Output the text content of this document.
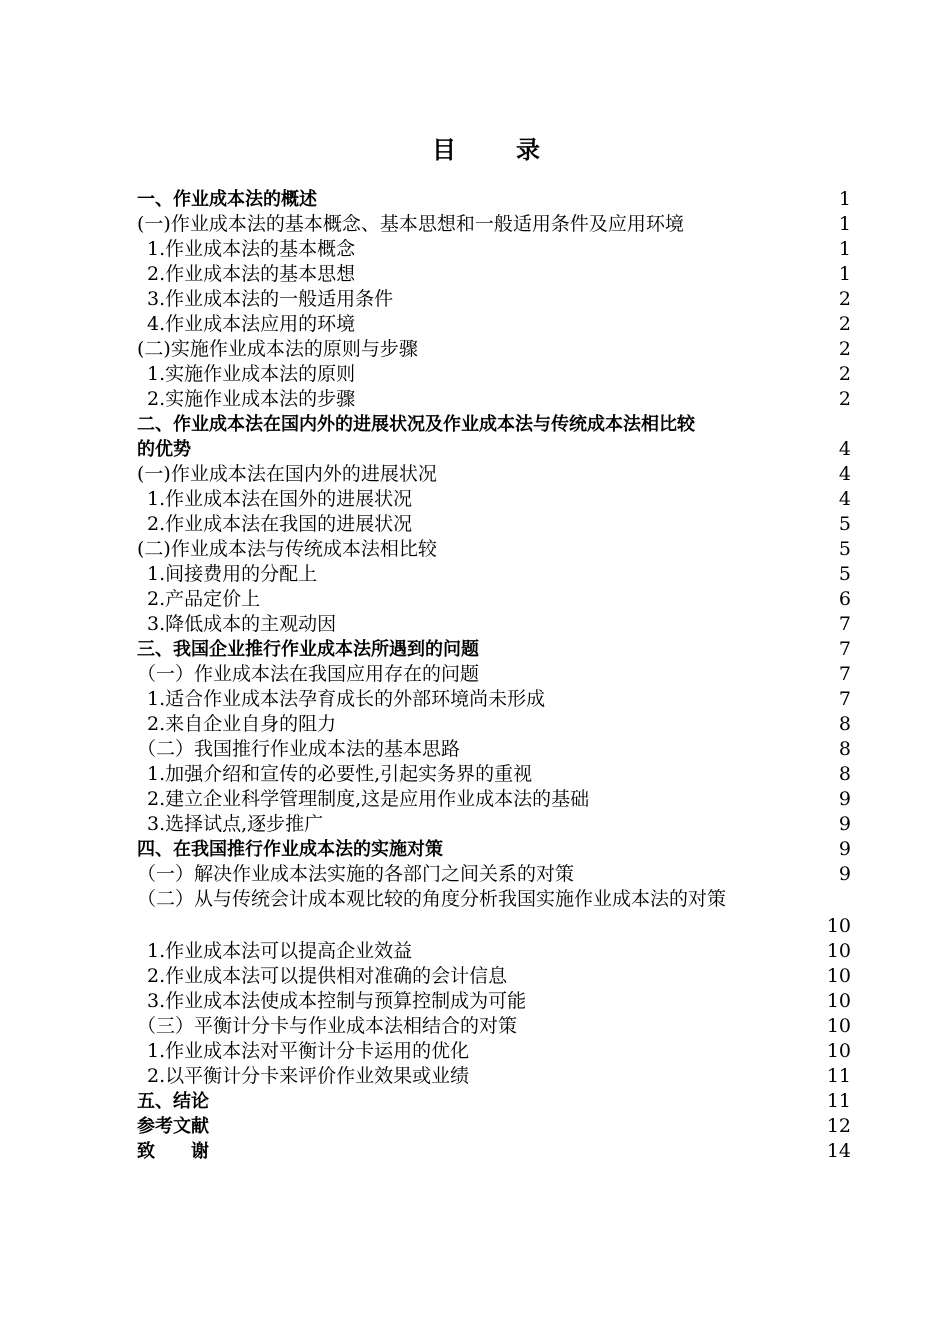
目　录
一、作业成本法的概述	1
(一)作业成本法的基本概念、基本思想和一般适用条件及应用环境	1
1.作业成本法的基本概念	1
2.作业成本法的基本思想	1
3.作业成本法的一般适用条件	2
4.作业成本法应用的环境	2
(二)实施作业成本法的原则与步骤	2
1.实施作业成本法的原则	2
2.实施作业成本法的步骤	2
二、作业成本法在国内外的进展状况及作业成本法与传统成本法相比较
的优势	4
(一)作业成本法在国内外的进展状况	4
1.作业成本法在国外的进展状况	4
2.作业成本法在我国的进展状况	5
(二)作业成本法与传统成本法相比较	5
1.间接费用的分配上	5
2.产品定价上	6
3.降低成本的主观动因	7
三、我国企业推行作业成本法所遇到的问题	7
（一）作业成本法在我国应用存在的问题	7
1.适合作业成本法孕育成长的外部环境尚未形成	7
2.来自企业自身的阻力	8
（二）我国推行作业成本法的基本思路	8
1.加强介绍和宣传的必要性,引起实务界的重视	8
2.建立企业科学管理制度,这是应用作业成本法的基础	9
3.选择试点,逐步推广	9
四、在我国推行作业成本法的实施对策	9
（一）解决作业成本法实施的各部门之间关系的对策	9
（二）从与传统会计成本观比较的角度分析我国实施作业成本法的对策
10
1.作业成本法可以提高企业效益	10
2.作业成本法可以提供相对准确的会计信息	10
3.作业成本法使成本控制与预算控制成为可能	10
（三）平衡计分卡与作业成本法相结合的对策	10
1.作业成本法对平衡计分卡运用的优化	10
2.以平衡计分卡来评价作业效果或业绩	11
五、结论	11
参考文献	12
致　　谢	14
